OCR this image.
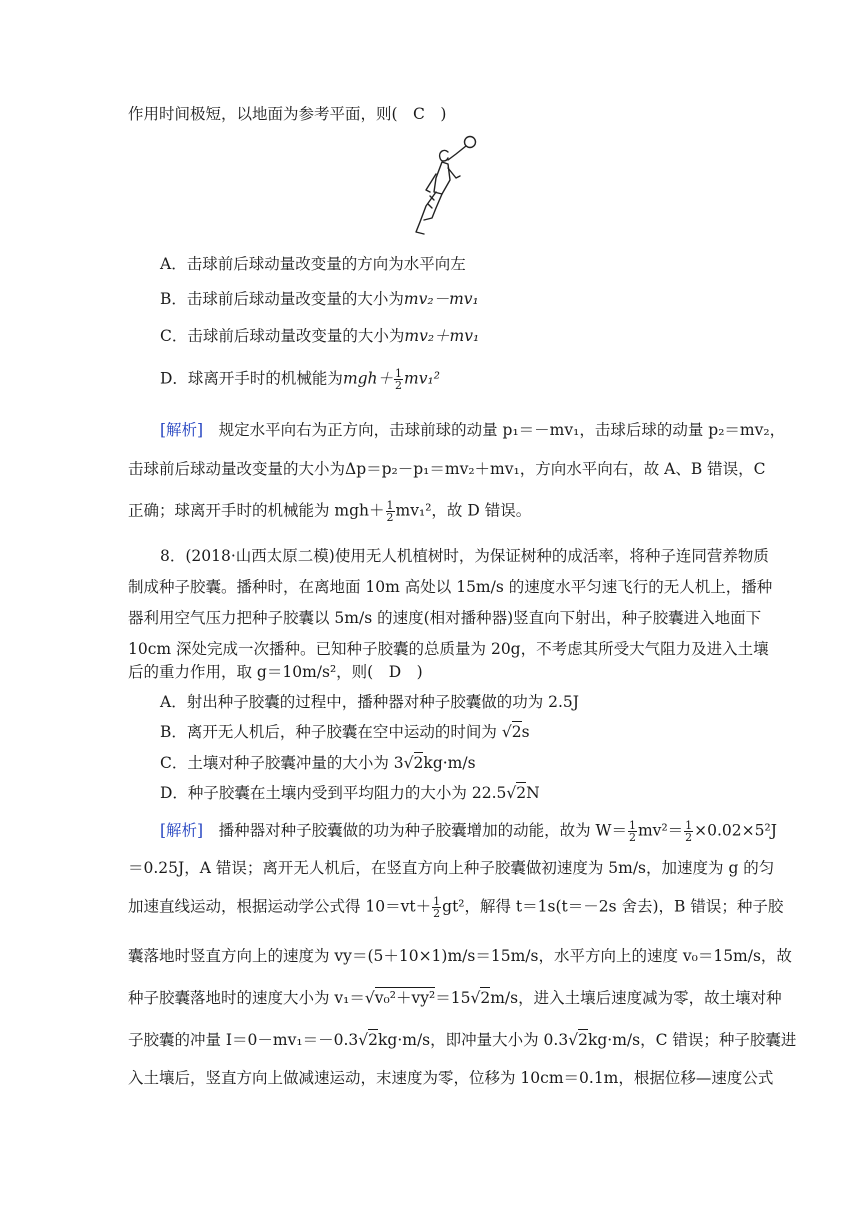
作用时间极短，以地面为参考平面，则(　C　)
A．击球前后球动量改变量的方向为水平向左
B．击球前后球动量改变量的大小为mv₂－mv₁
C．击球前后球动量改变量的大小为mv₂＋mv₁
D．球离开手时的机械能为$mgh+ \frac{1}{2} mv_1^2$
[解析]　规定水平向右为正方向，击球前球的动量 p₁＝－mv₁，击球后球的动量 p₂＝mv₂，
击球前后球动量改变量的大小为Δp＝p₂－p₁＝mv₂＋mv₁，方向水平向右，故 A、B 错误，C
正确；球离开手时的机械能为 $mgh+ \frac{1}{2} mv_1^2$，故 D 错误。
8．(2018·山西太原二模)使用无人机植树时，为保证树种的成活率，将种子连同营养物质
制成种子胶囊。播种时，在离地面 10m 高处以 15m/s 的速度水平匀速飞行的无人机上，播种
器利用空气压力把种子胶囊以 5m/s 的速度(相对播种器)竖直向下射出，种子胶囊进入地面下
10cm 深处完成一次播种。已知种子胶囊的总质量为 20g，不考虑其所受大气阻力及进入土壤
后的重力作用，取 g＝10m/s²，则(　D　)
A．射出种子胶囊的过程中，播种器对种子胶囊做的功为 2.5J
B．离开无人机后，种子胶囊在空中运动的时间为 √2s
C．土壤对种子胶囊冲量的大小为 3√2kg·m/s
D．种子胶囊在土壤内受到平均阻力的大小为 22.5√2N
[解析]　播种器对种子胶囊做的功为种子胶囊增加的动能，故为 $W= \frac{1}{2} mv^2= \frac{1}{2} \times 0.02\times 5^2J$
＝0.25J，A 错误；离开无人机后，在竖直方向上种子胶囊做初速度为 5m/s，加速度为 g 的匀
加速直线运动，根据运动学公式得 $10=vt+ \frac{1}{2} gt^2$，解得 t＝1s(t＝－2s 舍去)，B 错误；种子胶
囊落地时竖直方向上的速度为 vy＝(5＋10×1)m/s＝15m/s，水平方向上的速度 v₀＝15m/s，故
种子胶囊落地时的速度大小为 v₁＝√v₀²＋vy²＝15√2m/s，进入土壤后速度减为零，故土壤对种
子胶囊的冲量 I＝0－mv₁＝－0.3√2kg·m/s，即冲量大小为 0.3√2kg·m/s，C 错误；种子胶囊进
入土壤后，竖直方向上做减速运动，末速度为零，位移为 10cm＝0.1m，根据位移—速度公式
